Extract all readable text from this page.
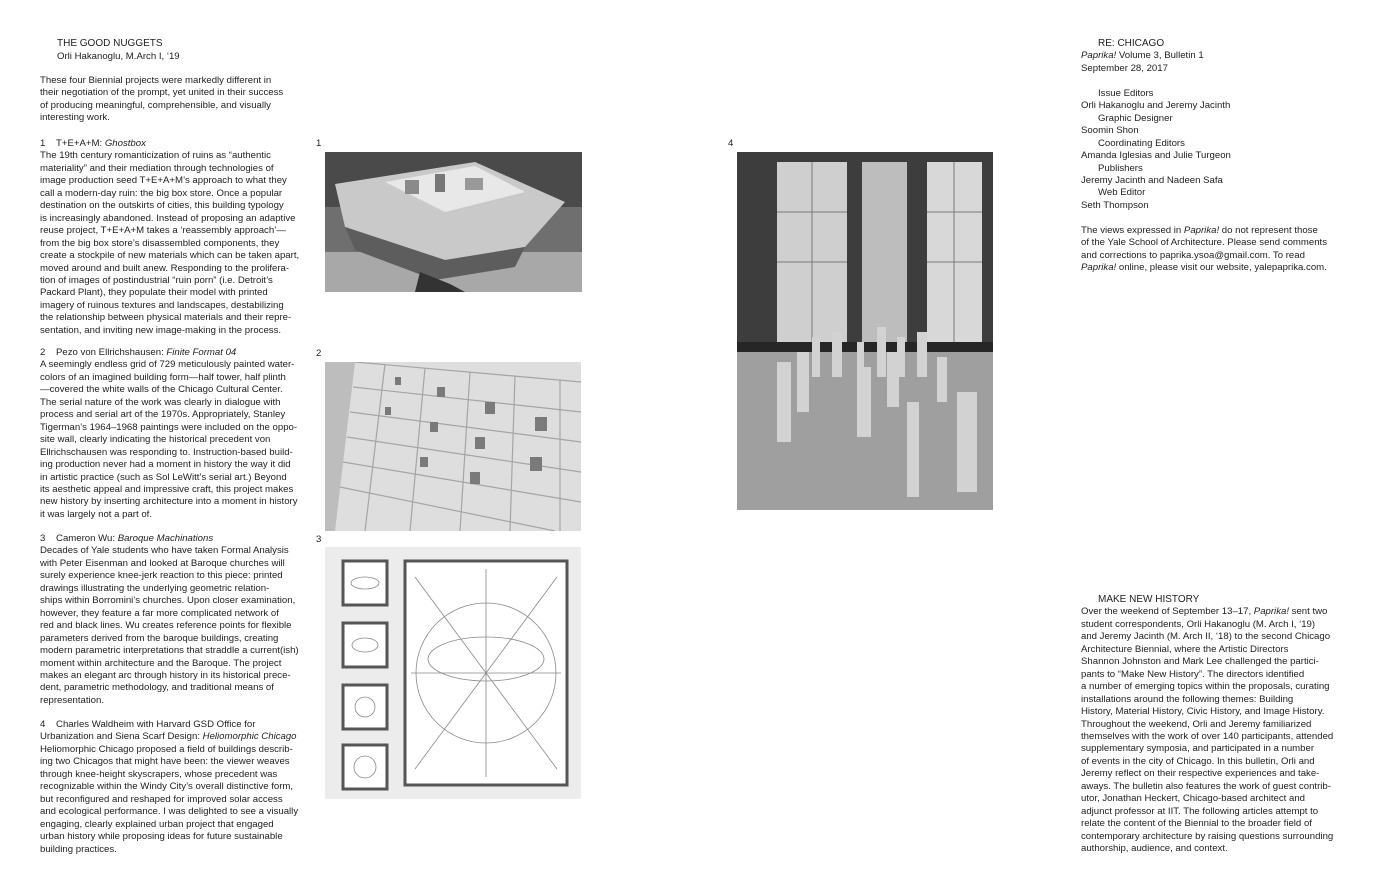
THE GOOD NUGGETS
Orli Hakanoglu, M.Arch I, ‘19

These four Biennial projects were markedly different in

their negotiation of the prompt, yet united in their success

of producing meaningful, comprehensible, and visually

interesting work.

1 T+E+A+M: Ghostbox

The 19th century romanticization of ruins as “authentic

materiality” and their mediation through technologies of

image production seed T+E+A+M’s approach to what they

call a modern-day ruin: the big box store. Once a popular

destination on the outskirts of cities, this building typology

is increasingly abandoned. Instead of proposing an adaptive

reuse project, T+E+A+M takes a ‘reassembly approach’—

from the big box store’s disassembled components, they

create a stockpile of new materials which can be taken apart,

moved around and built anew. Responding to the prolifera-

tion of images of postindustrial “ruin porn” (i.e. Detroit’s

Packard Plant), they populate their model with printed

imagery of ruinous textures and landscapes, destabilizing

the relationship between physical materials and their repre-

sentation, and inviting new image-making in the process.

2 Pezo von Ellrichshausen: Finite Format 04

A seemingly endless grid of 729 meticulously painted water-

colors of an imagined building form—half tower, half plinth

—covered the white walls of the Chicago Cultural Center.

The serial nature of the work was clearly in dialogue with

process and serial art of the 1970s. Appropriately, Stanley

Tigerman’s 1964–1968 paintings were included on the oppo-

site wall, clearly indicating the historical precedent von

Ellrichschausen was responding to. Instruction-based build-

ing production never had a moment in history the way it did

in artistic practice (such as Sol LeWitt’s serial art.) Beyond

its aesthetic appeal and impressive craft, this project makes

new history by inserting architecture into a moment in history

it was largely not a part of.

3 Cameron Wu: Baroque Machinations

Decades of Yale students who have taken Formal Analysis

with Peter Eisenman and looked at Baroque churches will

surely experience knee-jerk reaction to this piece: printed

drawings illustrating the underlying geometric relation-

ships within Borromini’s churches. Upon closer examination,

however, they feature a far more complicated network of

red and black lines. Wu creates reference points for flexible

parameters derived from the baroque buildings, creating

modern parametric interpretations that straddle a current(ish)

moment within architecture and the Baroque. The project

makes an elegant arc through history in its historical prece-

dent, parametric methodology, and traditional means of

representation.

4 Charles Waldheim with Harvard GSD Office for

Urbanization and Siena Scarf Design: Heliomorphic Chicago

Heliomorphic Chicago proposed a field of buildings describ-

ing two Chicagos that might have been: the viewer weaves

through knee-height skyscrapers, whose precedent was

recognizable within the Windy City’s overall distinctive form,

but reconfigured and reshaped for improved solar access

and ecological performance. I was delighted to see a visually

engaging, clearly explained urban project that engaged

urban history while proposing ideas for future sustainable

building practices.

1
2
3
4

RE: CHICAGO

Paprika! Volume 3, Bulletin 1

September 28, 2017

Issue Editors

Orli Hakanoglu and Jeremy Jacinth

Graphic Designer

Soomin Shon

Coordinating Editors

Amanda Iglesias and Julie Turgeon

Publishers

Jeremy Jacinth and Nadeen Safa

Web Editor

Seth Thompson

The views expressed in Paprika! do not represent those

of the Yale School of Architecture. Please send comments

and corrections to paprika.ysoa@gmail.com. To read

Paprika! online, please visit our website, yalepaprika.com.

MAKE NEW HISTORY

Over the weekend of September 13–17, Paprika! sent two

student correspondents, Orli Hakanoglu (M. Arch I, ‘19)

and Jeremy Jacinth (M. Arch II, ‘18) to the second Chicago

Architecture Biennial, where the Artistic Directors

Shannon Johnston and Mark Lee challenged the partici-

pants to “Make New History”. The directors identified

a number of emerging topics within the proposals, curating

installations around the following themes: Building

History, Material History, Civic History, and Image History.

Throughout the weekend, Orli and Jeremy familiarized

themselves with the work of over 140 participants, attended

supplementary symposia, and participated in a number

of events in the city of Chicago. In this bulletin, Orli and

Jeremy reflect on their respective experiences and take-

aways. The bulletin also features the work of guest contrib-

utor, Jonathan Heckert, Chicago-based architect and

adjunct professor at IIT. The following articles attempt to

relate the content of the Biennial to the broader field of

contemporary architecture by raising questions surrounding

authorship, audience, and context.
